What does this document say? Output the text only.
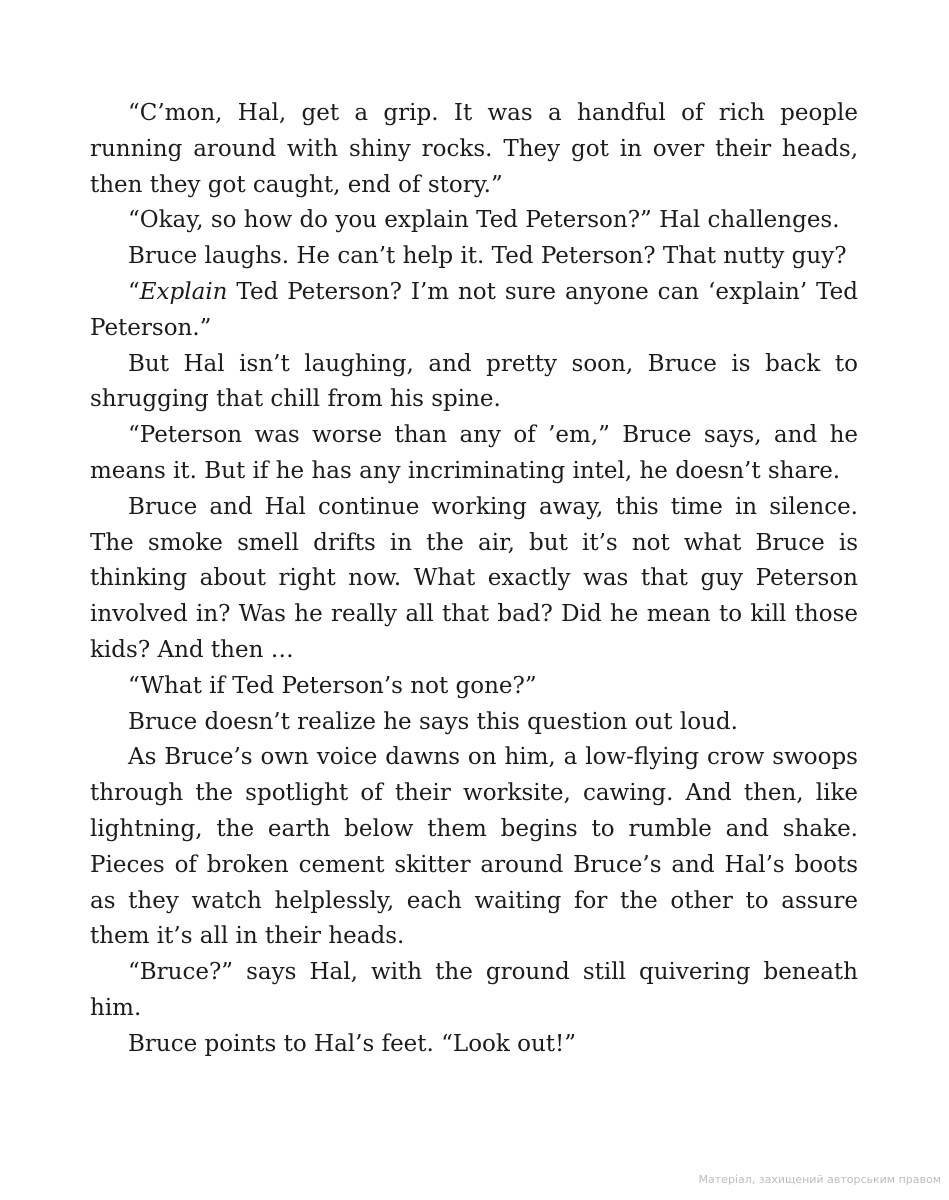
“C’mon, Hal, get a grip. It was a handful of rich people running around with shiny rocks. They got in over their heads, then they got caught, end of story.”

“Okay, so how do you explain Ted Peterson?” Hal challenges.

Bruce laughs. He can’t help it. Ted Peterson? That nutty guy?

“Explain Ted Peterson? I’m not sure anyone can ‘explain’ Ted Peterson.”

But Hal isn’t laughing, and pretty soon, Bruce is back to shrugging that chill from his spine.

“Peterson was worse than any of ’em,” Bruce says, and he means it. But if he has any incriminating intel, he doesn’t share.

Bruce and Hal continue working away, this time in silence. The smoke smell drifts in the air, but it’s not what Bruce is thinking about right now. What exactly was that guy Peterson involved in? Was he really all that bad? Did he mean to kill those kids? And then …

“What if Ted Peterson’s not gone?”

Bruce doesn’t realize he says this question out loud.

As Bruce’s own voice dawns on him, a low-flying crow swoops through the spotlight of their worksite, cawing. And then, like lightning, the earth below them begins to rumble and shake. Pieces of broken cement skitter around Bruce’s and Hal’s boots as they watch helplessly, each waiting for the other to assure them it’s all in their heads.

“Bruce?” says Hal, with the ground still quivering beneath him.

Bruce points to Hal’s feet. “Look out!”

Матеріал, захищений авторським правом
